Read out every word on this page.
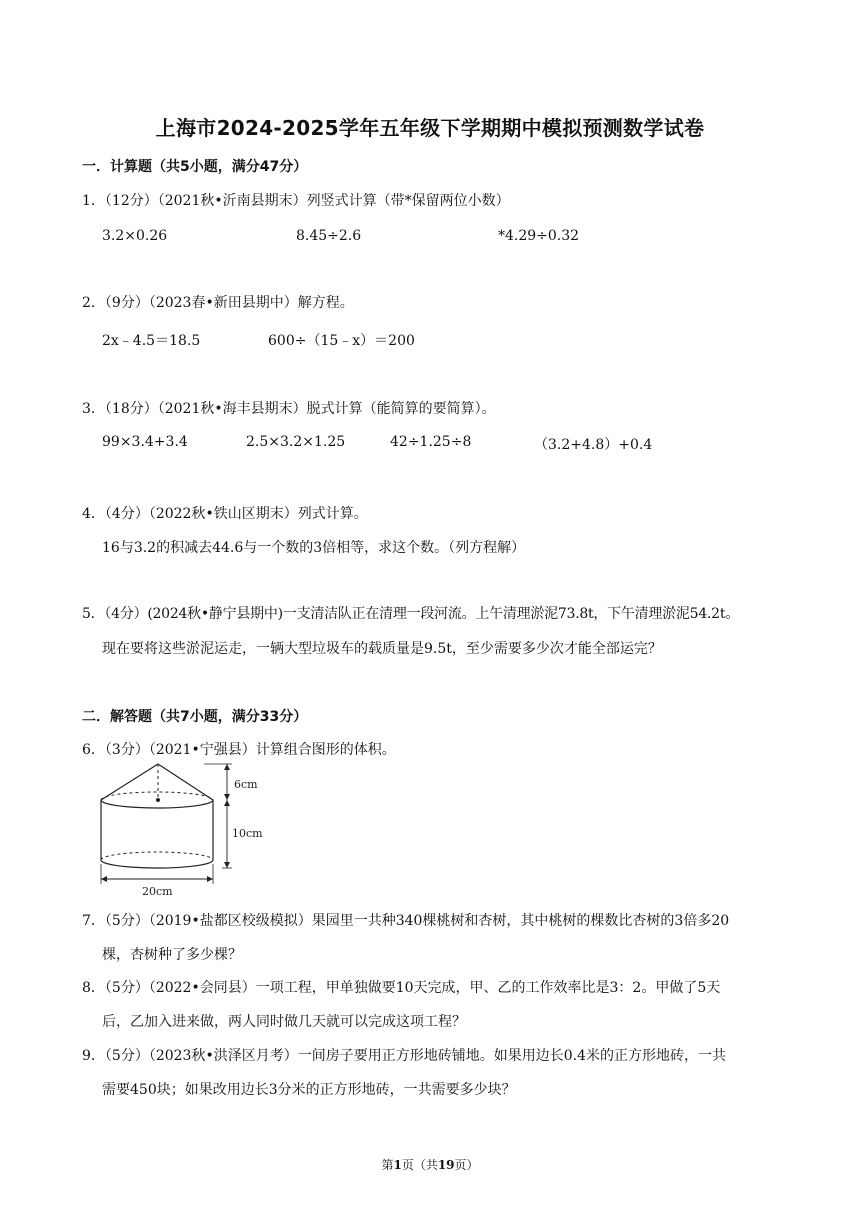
上海市2024-2025学年五年级下学期期中模拟预测数学试卷
一．计算题（共5小题，满分47分）
1．（12分）（2021秋•沂南县期末）列竖式计算（带*保留两位小数）
3.2×0.26	8.45÷2.6	*4.29÷0.32
2．（9分）（2023春•新田县期中）解方程。
2x﹣4.5＝18.5	600÷（15﹣x）＝200
3．（18分）（2021秋•海丰县期末）脱式计算（能简算的要简算）。
99×3.4+3.4	2.5×3.2×1.25	42÷1.25÷8	（3.2+4.8）+0.4
4．（4分）（2022秋•铁山区期末）列式计算。
16与3.2的积减去44.6与一个数的3倍相等，求这个数。（列方程解）
5．（4分）(2024秋•静宁县期中)一支清洁队正在清理一段河流。上午清理淤泥73.8t，下午清理淤泥54.2t。
现在要将这些淤泥运走，一辆大型垃圾车的载质量是9.5t，至少需要多少次才能全部运完？
二．解答题（共7小题，满分33分）
6．（3分）（2021•宁强县）计算组合图形的体积。
6cm
10cm
20cm
7．（5分）（2019•盐都区校级模拟）果园里一共种340棵桃树和杏树，其中桃树的棵数比杏树的3倍多20
棵，杏树种了多少棵？
8．（5分）（2022•会同县）一项工程，甲单独做要10天完成，甲、乙的工作效率比是3：2。甲做了5天
后，乙加入进来做，两人同时做几天就可以完成这项工程？
9．（5分）（2023秋•洪泽区月考）一间房子要用正方形地砖铺地。如果用边长0.4米的正方形地砖，一共
需要450块；如果改用边长3分米的正方形地砖，一共需要多少块？
第1页（共19页）
